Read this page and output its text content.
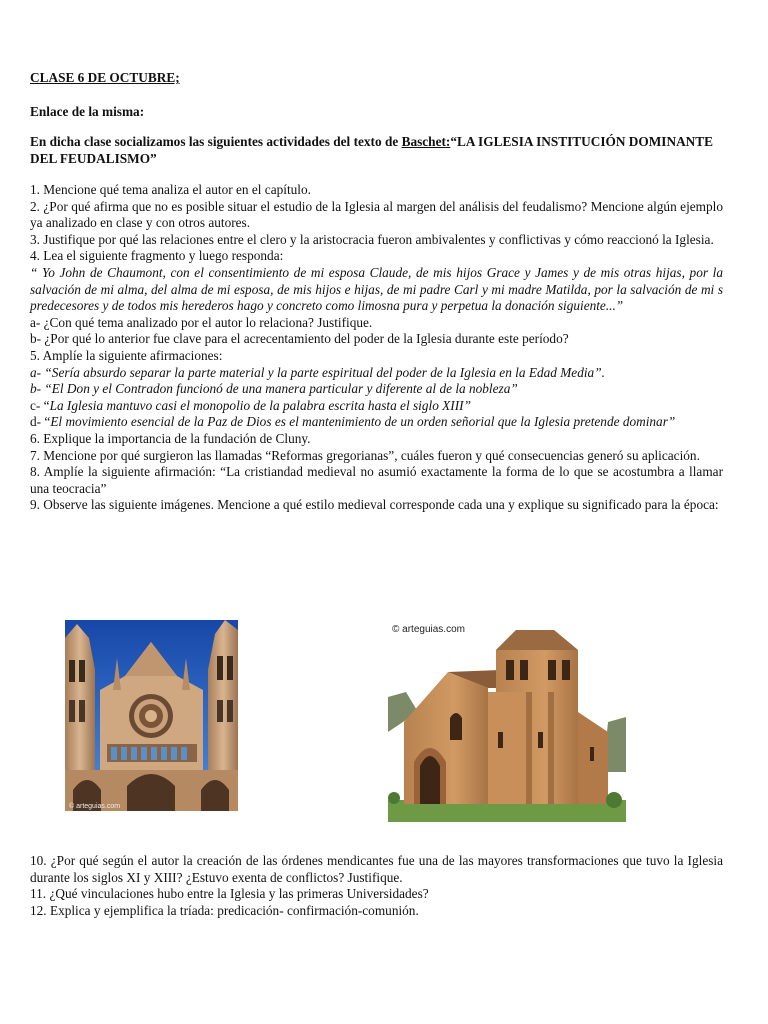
CLASE 6 DE OCTUBRE;

Enlace de la misma:

En dicha clase socializamos las siguientes actividades del texto de Baschet:“LA IGLESIA INSTITUCIÓN DOMINANTE DEL FEUDALISMO”

1. Mencione qué tema analiza el autor en el capítulo.

2. ¿Por qué afirma que no es posible situar el estudio de la Iglesia al margen del análisis del feudalismo? Mencione algún ejemplo ya analizado en clase y con otros autores.

3. Justifique por qué las relaciones entre el clero y la aristocracia fueron ambivalentes y conflictivas y cómo reaccionó la Iglesia.

4. Lea el siguiente fragmento y luego responda:

“ Yo John de Chaumont, con el consentimiento de mi esposa Claude, de mis hijos Grace y James y de mis otras hijas, por la salvación de mi alma, del alma de mi esposa, de mis hijos e hijas, de mi padre Carl y mi madre Matilda, por la salvación de mi s predecesores y de todos mis herederos hago y concreto como limosna pura y perpetua la donación siguiente...”

a- ¿Con qué tema analizado por el autor lo relaciona? Justifique.

b- ¿Por qué lo anterior fue clave para el acrecentamiento del poder de la Iglesia durante este período?

5. Amplíe la siguiente afirmaciones:

a- “Sería absurdo separar la parte material y la parte espiritual del poder de la Iglesia en la Edad Media”.

b- “El Don y el Contradon funcionó de una manera particular y diferente al de la nobleza”

c- “La Iglesia mantuvo casi el monopolio de la palabra escrita hasta el siglo XIII”

d- “El movimiento esencial de la Paz de Dios es el mantenimiento de un orden señorial que la Iglesia pretende dominar”

6. Explique la importancia de la fundación de Cluny.

7. Mencione por qué surgieron las llamadas “Reformas gregorianas”, cuáles fueron y qué consecuencias generó su aplicación.

8. Amplíe la siguiente afirmación: “La cristiandad medieval no asumió exactamente la forma de lo que se acostumbra a llamar una teocracia”

9. Observe las siguiente imágenes. Mencione a qué estilo medieval corresponde cada una y explique su significado para la época:

10. ¿Por qué según el autor la creación de las órdenes mendicantes fue una de las mayores transformaciones que tuvo la Iglesia durante los siglos XI y XIII? ¿Estuvo exenta de conflictos? Justifique.

11. ¿Qué vinculaciones hubo entre la Iglesia y las primeras Universidades?

12. Explica y ejemplifica la tríada: predicación- confirmación-comunión.

© arteguias.com
© arteguias.com
